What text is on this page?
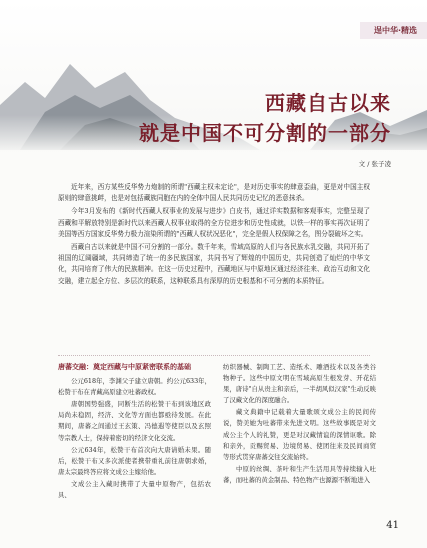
逞中华·精选
西藏自古以来
就是中国不可分割的一部分
文 / 张子凌

近年来，西方某些反华势力炮制的所谓"西藏主权未定论"，是对历史事实的肆意歪曲，更是对中国主权原则的肆意挑衅，也是对包括藏族同胞在内的全体中国人民共同历史记忆的恶意抹杀。

今年3月发布的《新时代西藏人权事业的发展与进步》白皮书，通过详实数据和客观事实，完整呈现了西藏和平解放特别是新时代以来西藏人权事业取得的全方位进步和历史性成就，以铁一样的事实再次证明了美国等西方国家反华势力极力渲染所谓的"西藏人权状况恶化"，完全是假人权保障之名，图分裂破坏之实。

西藏自古以来就是中国不可分割的一部分。数千年来，雪域高原的人们与各民族水乳交融，共同开拓了祖国的辽阔疆域，共同缔造了统一的多民族国家，共同书写了辉煌的中国历史，共同创造了灿烂的中华文化，共同培育了伟大的民族精神。在这一历史过程中，西藏地区与中原地区通过经济往来、政治互动和文化交融，建立起全方位、多层次的联系，这种联系具有深厚的历史根基和不可分割的本质特征。

唐蕃交融：奠定西藏与中原紧密联系的基础

公元618年，李渊父子建立唐朝。约公元633年，松赞干布在青藏高原建立吐蕃政权。

唐朝国势强盛，同断生活的松赞干布到该地区政局尚未稳固，经济、文化等方面也都亟待发展。在此期间，唐蕃之间通过王玄策、冯德遐等使臣以及玄照等宗教人士，保持着密切的经济文化交流。

公元634年，松赞干布首次向大唐请婚未果。随后，松赞干布又多次派使者携带重礼前往唐朝求婚，唐太宗最终答应将文成公主嫁给他。

文成公主入藏时携带了大量中原物产，包括农具、

纺织器械、制陶工艺、造纸术、雕酒技术以及各类谷物种子。这些中原文明在雪域高原生根发芽、开花结果，唐诗"自从贵主和亲后，一半胡风似汉家"生动反映了汉藏文化的深度融合。

藏文典籍中记载着大量歌颂文成公主的民间传说，赞美她为吐蕃带来先进文明。这些故事既是对文成公主个人的礼赞，更是对汉藏情谊的深情讴歌。除和亲外，贡赐贸易、边境贸易、使团往来及民间商贸等形式贯穿唐蕃交往交流始终。

中原的丝绸、茶叶和生产生活用具等持续输入吐蕃，而吐蕃的黄金制品、特色物产也源源不断地进入

41
